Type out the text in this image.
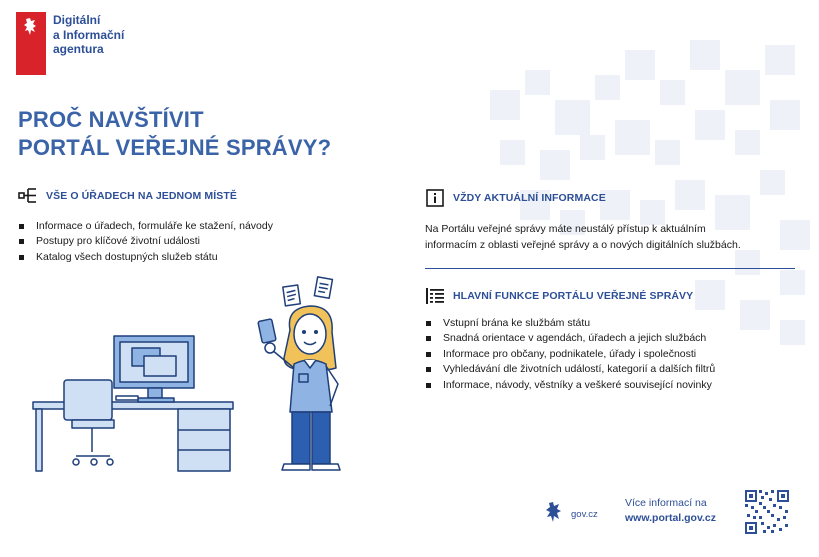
Digitální
a Informační
agentura
PROČ NAVŠTÍVIT
PORTÁL VEŘEJNÉ SPRÁVY?
VŠE O ÚŘADECH NA JEDNOM MÍSTĚ
Informace o úřadech, formuláře ke stažení, návody
Postupy pro klíčové životní události
Katalog všech dostupných služeb státu
VŽDY AKTUÁLNÍ INFORMACE
Na Portálu veřejné správy máte neustálý přístup k aktuálním
informacím z oblasti veřejné správy a o nových digitálních službách.
HLAVNÍ FUNKCE PORTÁLU VEŘEJNÉ SPRÁVY
Vstupní brána ke službám státu
Snadná orientace v agendách, úřadech a jejich službách
Informace pro občany, podnikatele, úřady i společnosti
Vyhledávání dle životních událostí, kategorií a dalších filtrů
Informace, návody, věstníky a veškeré související novinky
gov.cz
Více informací na
www.portal.gov.cz
